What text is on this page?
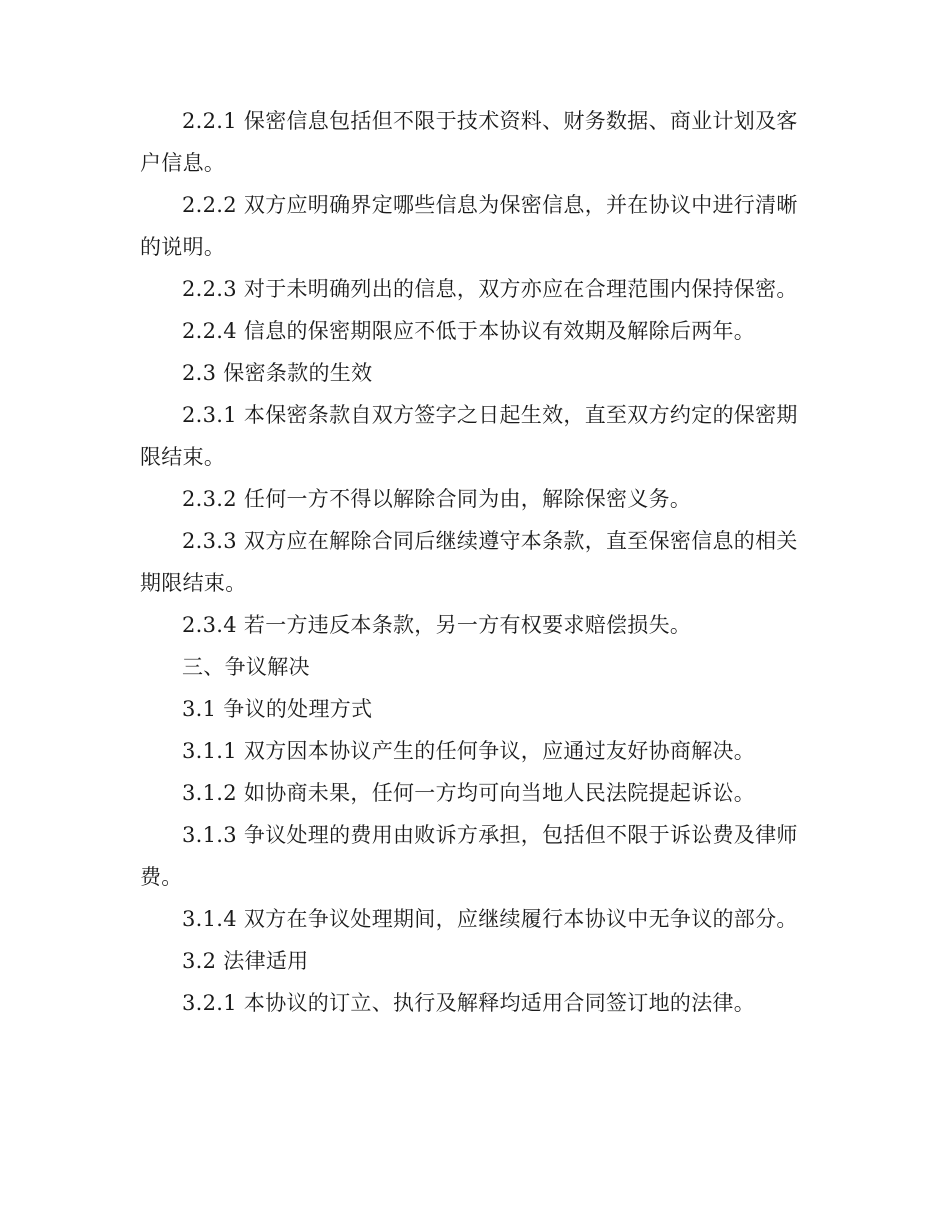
2.2.1 保密信息包括但不限于技术资料、财务数据、商业计划及客户信息。

2.2.2 双方应明确界定哪些信息为保密信息，并在协议中进行清晰的说明。

2.2.3 对于未明确列出的信息，双方亦应在合理范围内保持保密。

2.2.4 信息的保密期限应不低于本协议有效期及解除后两年。

2.3 保密条款的生效

2.3.1 本保密条款自双方签字之日起生效，直至双方约定的保密期限结束。

2.3.2 任何一方不得以解除合同为由，解除保密义务。

2.3.3 双方应在解除合同后继续遵守本条款，直至保密信息的相关期限结束。

2.3.4 若一方违反本条款，另一方有权要求赔偿损失。

三、争议解决

3.1 争议的处理方式

3.1.1 双方因本协议产生的任何争议，应通过友好协商解决。

3.1.2 如协商未果，任何一方均可向当地人民法院提起诉讼。

3.1.3 争议处理的费用由败诉方承担，包括但不限于诉讼费及律师费。

3.1.4 双方在争议处理期间，应继续履行本协议中无争议的部分。

3.2 法律适用

3.2.1 本协议的订立、执行及解释均适用合同签订地的法律。
